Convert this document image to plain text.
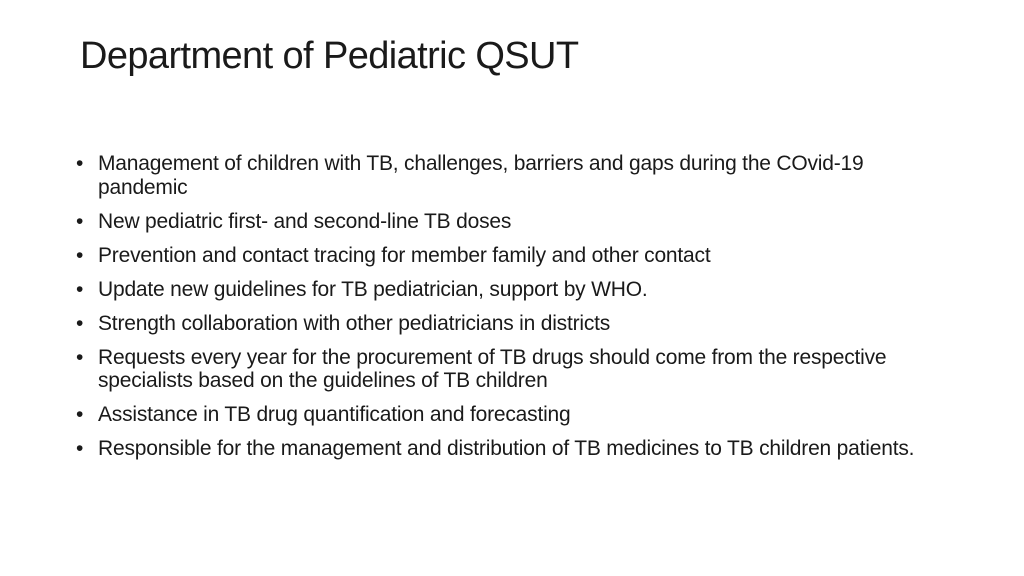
Department of Pediatric QSUT
• Management of children with TB, challenges, barriers and gaps during the COvid-19 pandemic
• New pediatric first- and second-line TB doses
• Prevention and contact tracing for member family and other contact
• Update new guidelines for TB pediatrician, support by WHO.
• Strength collaboration with other pediatricians in districts
• Requests every year for the procurement of TB drugs should come from the respective specialists based on the guidelines of TB children
• Assistance in TB drug quantification and forecasting
• Responsible for the management and distribution of TB medicines to TB children patients.
